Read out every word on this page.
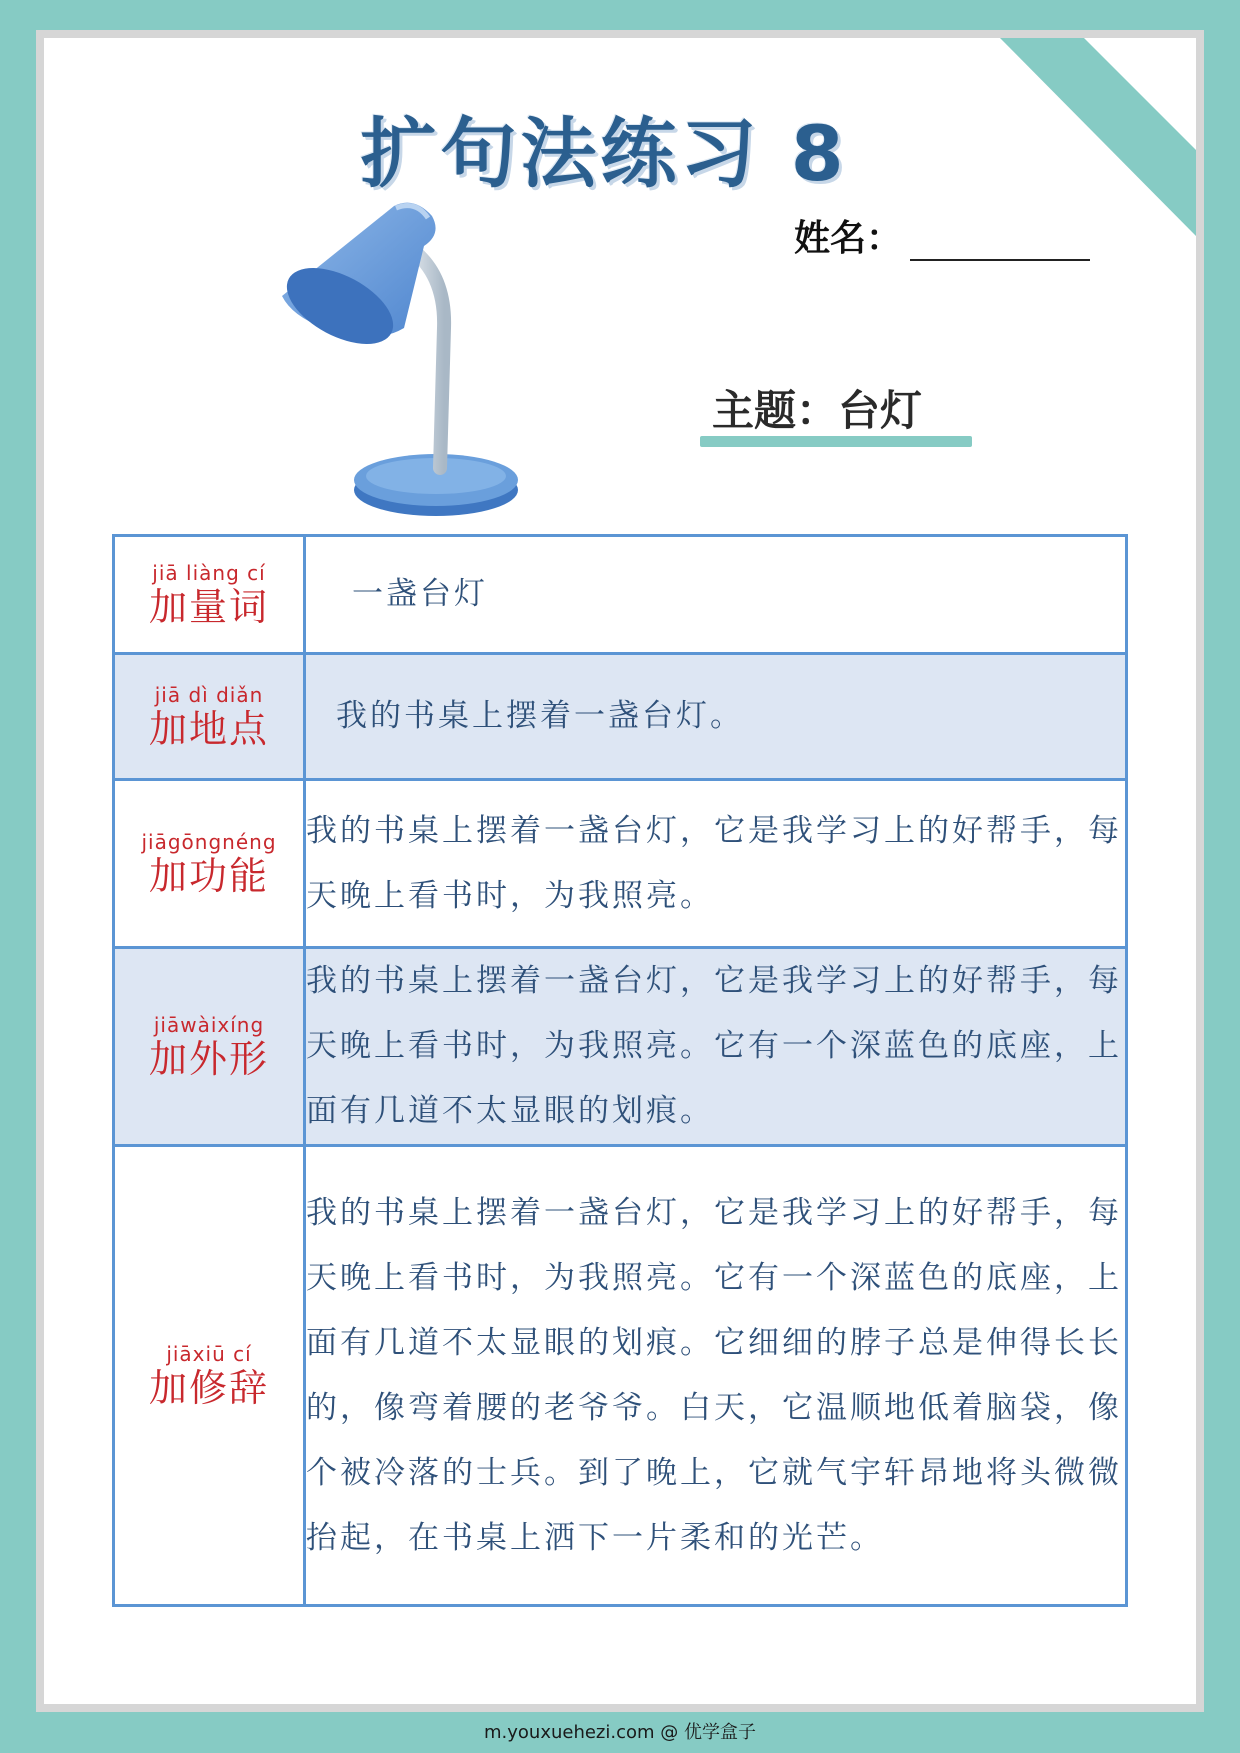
扩句法练习 8
姓名：
主题：台灯
jiā liàng cí
加量词	一盏台灯

jiā dì diǎn
加地点	我的书桌上摆着一盏台灯。

jiāgōngnéng
加功能	我的书桌上摆着一盏台灯，它是我学习上的好帮手，每天晚上看书时，为我照亮。

jiāwàixíng
加外形	我的书桌上摆着一盏台灯，它是我学习上的好帮手，每天晚上看书时，为我照亮。它有一个深蓝色的底座，上面有几道不太显眼的划痕。

jiāxiū cí
加修辞	我的书桌上摆着一盏台灯，它是我学习上的好帮手，每天晚上看书时，为我照亮。它有一个深蓝色的底座，上面有几道不太显眼的划痕。它细细的脖子总是伸得长长的，像弯着腰的老爷爷。白天，它温顺地低着脑袋，像个被冷落的士兵。到了晚上，它就气宇轩昂地将头微微抬起，在书桌上洒下一片柔和的光芒。
m.youxuehezi.com @ 优学盒子
